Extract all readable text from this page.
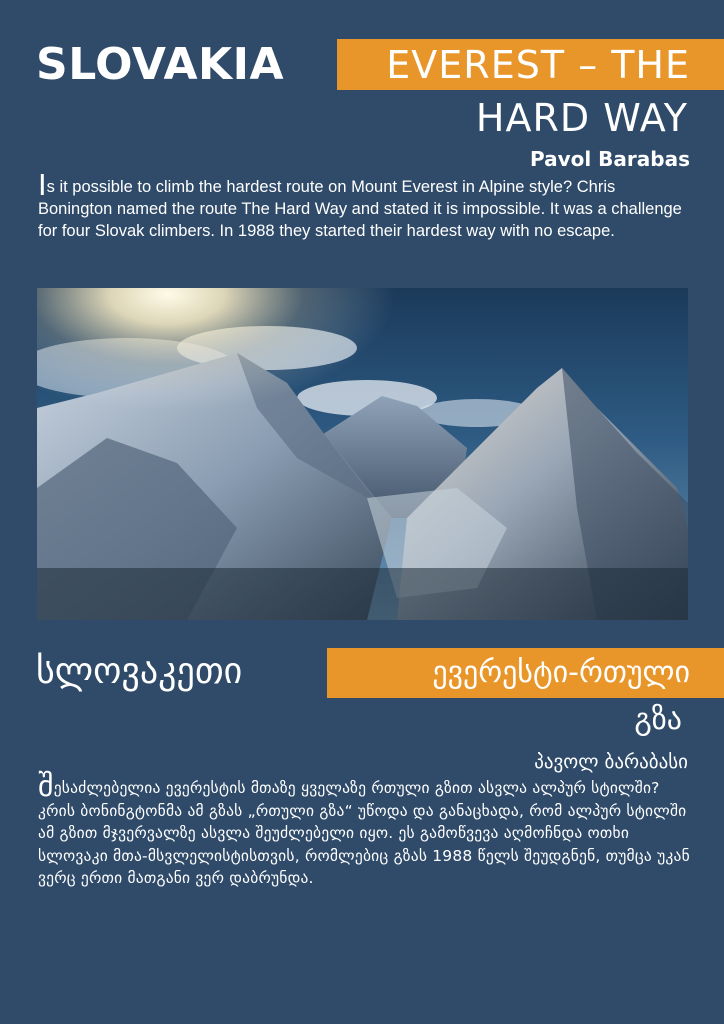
SLOVAKIA	EVEREST – THE
HARD WAY
Pavol Barabas
Is it possible to climb the hardest route on Mount Everest in Alpine style? Chris Bonington named the route The Hard Way and stated it is impossible. It was a challenge for four Slovak climbers. In 1988 they started their hardest way with no escape.
სლოვაკეთი	ევერესტი-რთული
გზა
პავოლ ბარაბასი
შესაძლებელია ევერესტის მთაზე ყველაზე რთული გზით ასვლა ალპურ სტილში? კრის ბონინგტონმა ამ გზას „რთული გზა“ უწოდა და განაცხადა, რომ ალპურ სტილში ამ გზით მჯვერვალზე ასვლა შეუძლებელი იყო. ეს გამოწვევა აღმოჩნდა ოთხი სლოვაკი მთა-მსვლელისტისთვის, რომლებიც გზას 1988 წელს შეუდგნენ, თუმცა უკან ვერც ერთი მათგანი ვერ დაბრუნდა.
